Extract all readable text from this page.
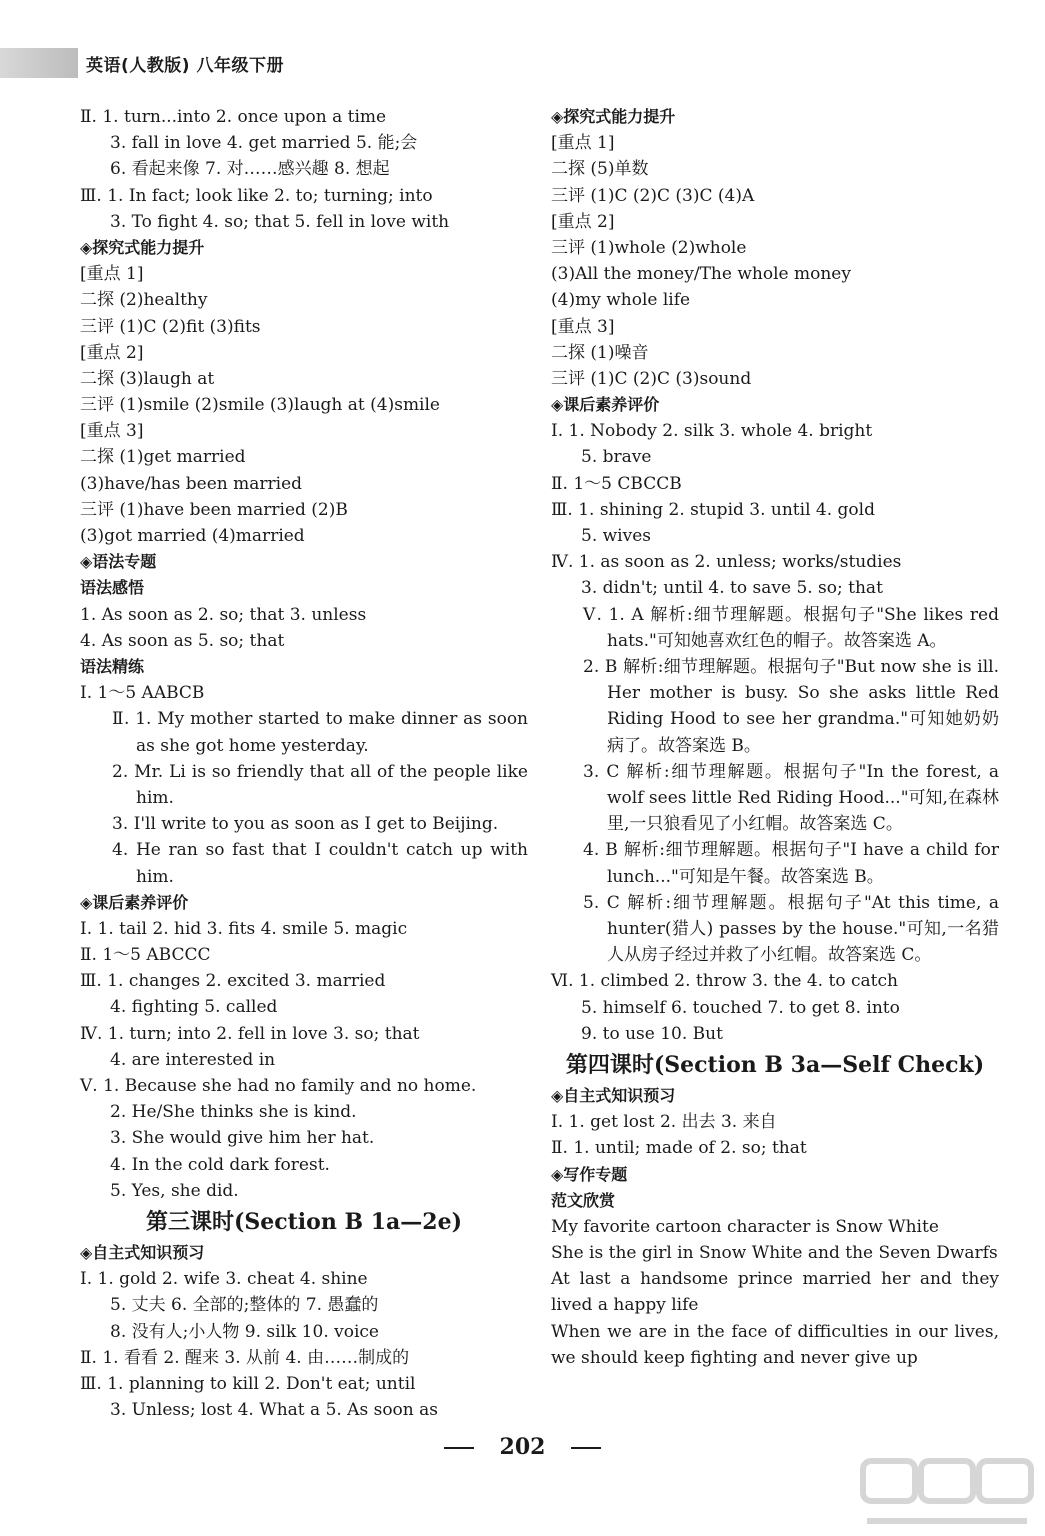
英语(人教版) 八年级下册
Ⅱ. 1. turn...into 2. once upon a time
3. fall in love 4. get married 5. 能;会
6. 看起来像 7. 对……感兴趣 8. 想起
Ⅲ. 1. In fact; look like 2. to; turning; into
3. To fight 4. so; that 5. fell in love with
◈探究式能力提升
[重点 1]
二探 (2)healthy
三评 (1)C (2)fit (3)fits
[重点 2]
二探 (3)laugh at
三评 (1)smile (2)smile (3)laugh at (4)smile
[重点 3]
二探 (1)get married
(3)have/has been married
三评 (1)have been married (2)B
(3)got married (4)married
◈语法专题
语法感悟
1. As soon as 2. so; that 3. unless
4. As soon as 5. so; that
语法精练
Ⅰ. 1～5 AABCB
Ⅱ. 1. My mother started to make dinner as soon as she got home yesterday.
2. Mr. Li is so friendly that all of the people like him.
3. I'll write to you as soon as I get to Beijing.
4. He ran so fast that I couldn't catch up with him.
◈课后素养评价
Ⅰ. 1. tail 2. hid 3. fits 4. smile 5. magic
Ⅱ. 1～5 ABCCC
Ⅲ. 1. changes 2. excited 3. married
4. fighting 5. called
Ⅳ. 1. turn; into 2. fell in love 3. so; that
4. are interested in
Ⅴ. 1. Because she had no family and no home.
2. He/She thinks she is kind.
3. She would give him her hat.
4. In the cold dark forest.
5. Yes, she did.
第三课时(Section B 1a—2e)
◈自主式知识预习
Ⅰ. 1. gold 2. wife 3. cheat 4. shine
5. 丈夫 6. 全部的;整体的 7. 愚蠢的
8. 没有人;小人物 9. silk 10. voice
Ⅱ. 1. 看看 2. 醒来 3. 从前 4. 由……制成的
Ⅲ. 1. planning to kill 2. Don't eat; until
3. Unless; lost 4. What a 5. As soon as
◈探究式能力提升
[重点 1]
二探 (5)单数
三评 (1)C (2)C (3)C (4)A
[重点 2]
三评 (1)whole (2)whole
(3)All the money/The whole money
(4)my whole life
[重点 3]
二探 (1)噪音
三评 (1)C (2)C (3)sound
◈课后素养评价
Ⅰ. 1. Nobody 2. silk 3. whole 4. bright
5. brave
Ⅱ. 1～5 CBCCB
Ⅲ. 1. shining 2. stupid 3. until 4. gold
5. wives
Ⅳ. 1. as soon as 2. unless; works/studies
3. didn't; until 4. to save 5. so; that
Ⅴ. 1. A 解析:细节理解题。根据句子"She likes red hats."可知她喜欢红色的帽子。故答案选 A。
2. B 解析:细节理解题。根据句子"But now she is ill. Her mother is busy. So she asks little Red Riding Hood to see her grandma."可知她奶奶病了。故答案选 B。
3. C 解析:细节理解题。根据句子"In the forest, a wolf sees little Red Riding Hood..."可知,在森林里,一只狼看见了小红帽。故答案选 C。
4. B 解析:细节理解题。根据句子"I have a child for lunch..."可知是午餐。故答案选 B。
5. C 解析:细节理解题。根据句子"At this time, a hunter(猎人) passes by the house."可知,一名猎人从房子经过并救了小红帽。故答案选 C。
Ⅵ. 1. climbed 2. throw 3. the 4. to catch
5. himself 6. touched 7. to get 8. into
9. to use 10. But
第四课时(Section B 3a—Self Check)
◈自主式知识预习
Ⅰ. 1. get lost 2. 出去 3. 来自
Ⅱ. 1. until; made of 2. so; that
◈写作专题
范文欣赏
My favorite cartoon character is Snow White
She is the girl in Snow White and the Seven Dwarfs
At last a handsome prince married her and they lived a happy life
When we are in the face of difficulties in our lives, we should keep fighting and never give up
202
